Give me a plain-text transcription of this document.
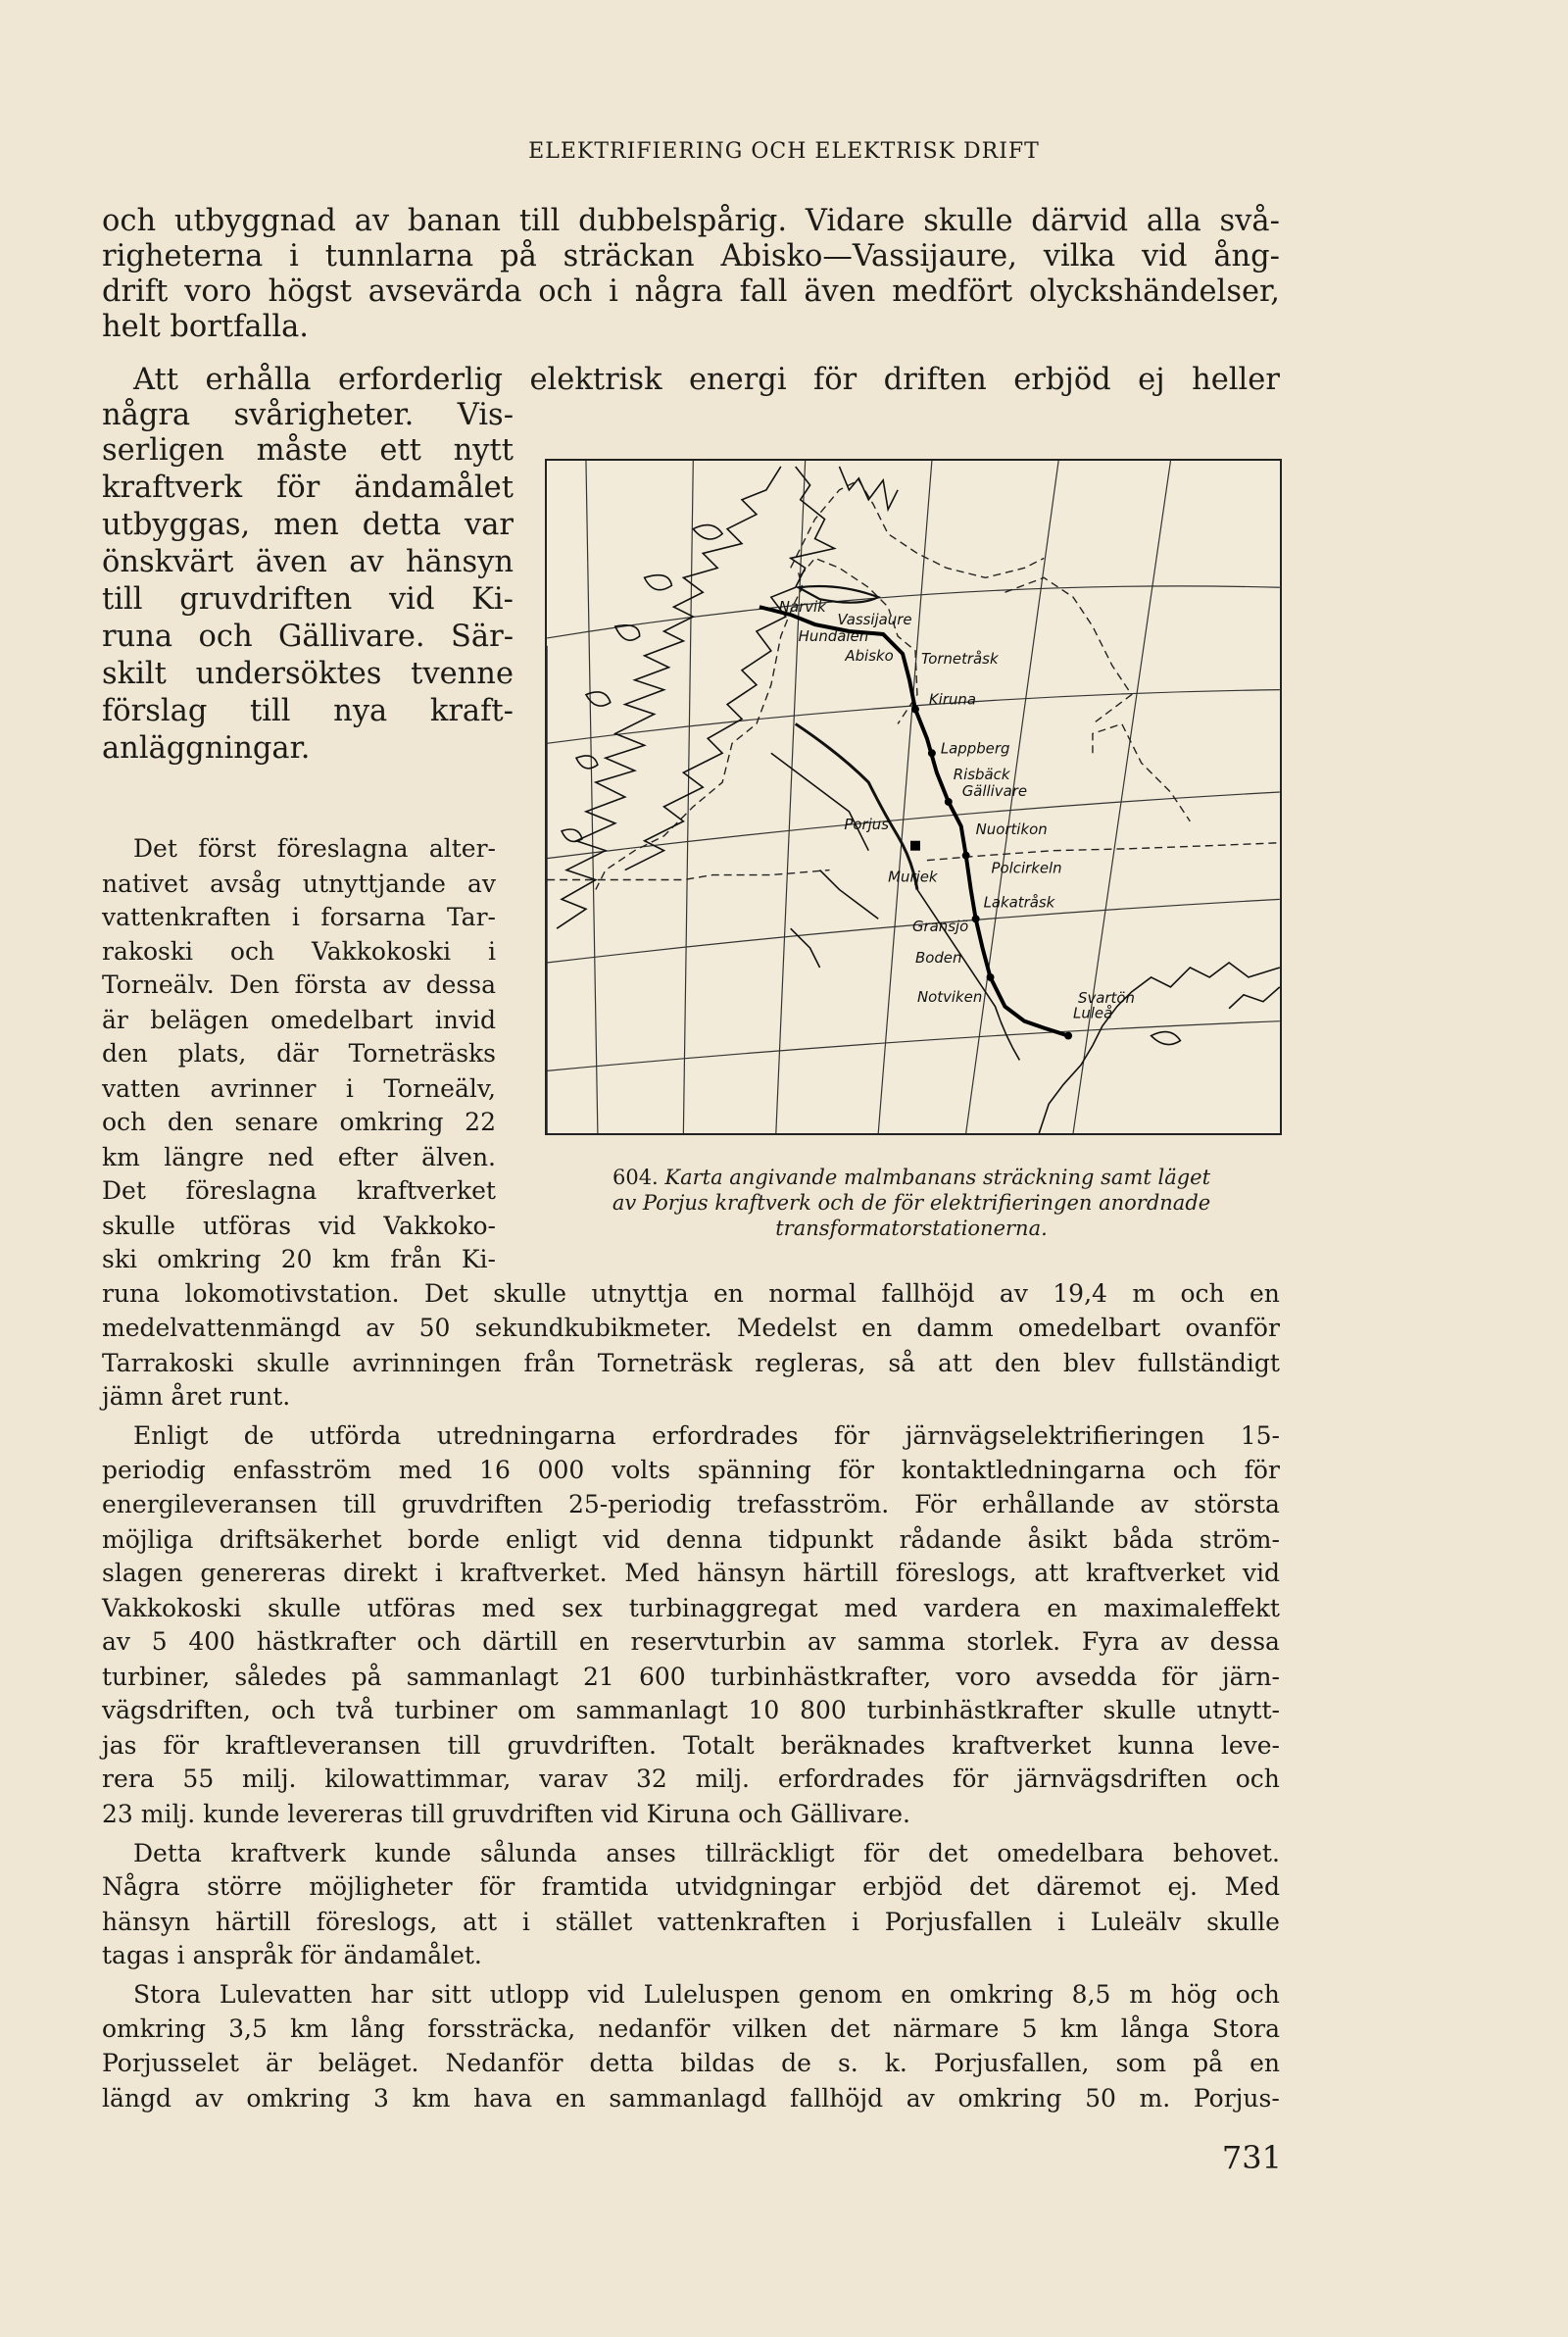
ELEKTRIFIERING OCH ELEKTRISK DRIFT
och utbyggnad av banan till dubbelspårig. Vidare skulle därvid alla svå-
righeterna i tunnlarna på sträckan Abisko—Vassijaure, vilka vid ång-
drift voro högst avsevärda och i några fall även medfört olyckshändelser,
helt bortfalla.
Att erhålla erforderlig elektrisk energi för driften erbjöd ej heller
några svårigheter. Vis-
serligen måste ett nytt
kraftverk för ändamålet
utbyggas, men detta var
önskvärt även av hänsyn
till gruvdriften vid Ki-
runa och Gällivare. Sär-
skilt undersöktes tvenne
förslag till nya kraft-
anläggningar.
Det först föreslagna alter-
nativet avsåg utnyttjande av
vattenkraften i forsarna Tar-
rakoski och Vakkokoski i
Torneälv. Den första av dessa
är belägen omedelbart invid
den plats, där Torneträsks
vatten avrinner i Torneälv,
och den senare omkring 22
km längre ned efter älven.
Det föreslagna kraftverket
skulle utföras vid Vakkoko-
ski omkring 20 km från Ki-
runa lokomotivstation. Det skulle utnyttja en normal fallhöjd av 19,4 m och en
medelvattenmängd av 50 sekundkubikmeter. Medelst en damm omedelbart ovanför
Tarrakoski skulle avrinningen från Torneträsk regleras, så att den blev fullständigt
jämn året runt.
Enligt de utförda utredningarna erfordrades för järnvägselektrifieringen 15-
periodig enfasström med 16 000 volts spänning för kontaktledningarna och för
energileveransen till gruvdriften 25-periodig trefasström. För erhållande av största
möjliga driftsäkerhet borde enligt vid denna tidpunkt rådande åsikt båda ström-
slagen genereras direkt i kraftverket. Med hänsyn härtill föreslogs, att kraftverket vid
Vakkokoski skulle utföras med sex turbinaggregat med vardera en maximaleffekt
av 5 400 hästkrafter och därtill en reservturbin av samma storlek. Fyra av dessa
turbiner, således på sammanlagt 21 600 turbinhästkrafter, voro avsedda för järn-
vägsdriften, och två turbiner om sammanlagt 10 800 turbinhästkrafter skulle utnytt-
jas för kraftleveransen till gruvdriften. Totalt beräknades kraftverket kunna leve-
rera 55 milj. kilowattimmar, varav 32 milj. erfordrades för järnvägsdriften och
23 milj. kunde levereras till gruvdriften vid Kiruna och Gällivare.
Detta kraftverk kunde sålunda anses tillräckligt för det omedelbara behovet.
Några större möjligheter för framtida utvidgningar erbjöd det däremot ej. Med
hänsyn härtill föreslogs, att i stället vattenkraften i Porjusfallen i Luleälv skulle
tagas i anspråk för ändamålet.
Stora Lulevatten har sitt utlopp vid Luleluspen genom en omkring 8,5 m hög och
omkring 3,5 km lång forssträcka, nedanför vilken det närmare 5 km långa Stora
Porjusselet är beläget. Nedanför detta bildas de s. k. Porjusfallen, som på en
längd av omkring 3 km hava en sammanlagd fallhöjd av omkring 50 m. Porjus-
Narvik
Vassijaure
Hundalen
Abisko Tornetråsk
Kiruna
Lappberg
Risbäck
Gällivare
Porjus	Nuortikon
Polcirkeln
Murjek
Lakatråsk
Gransjö
Boden
Notviken	Svartön
Luleå
604. Karta angivande malmbanans sträckning samt läget
av Porjus kraftverk och de för elektrifieringen anordnade
transformatorstationerna.
731
